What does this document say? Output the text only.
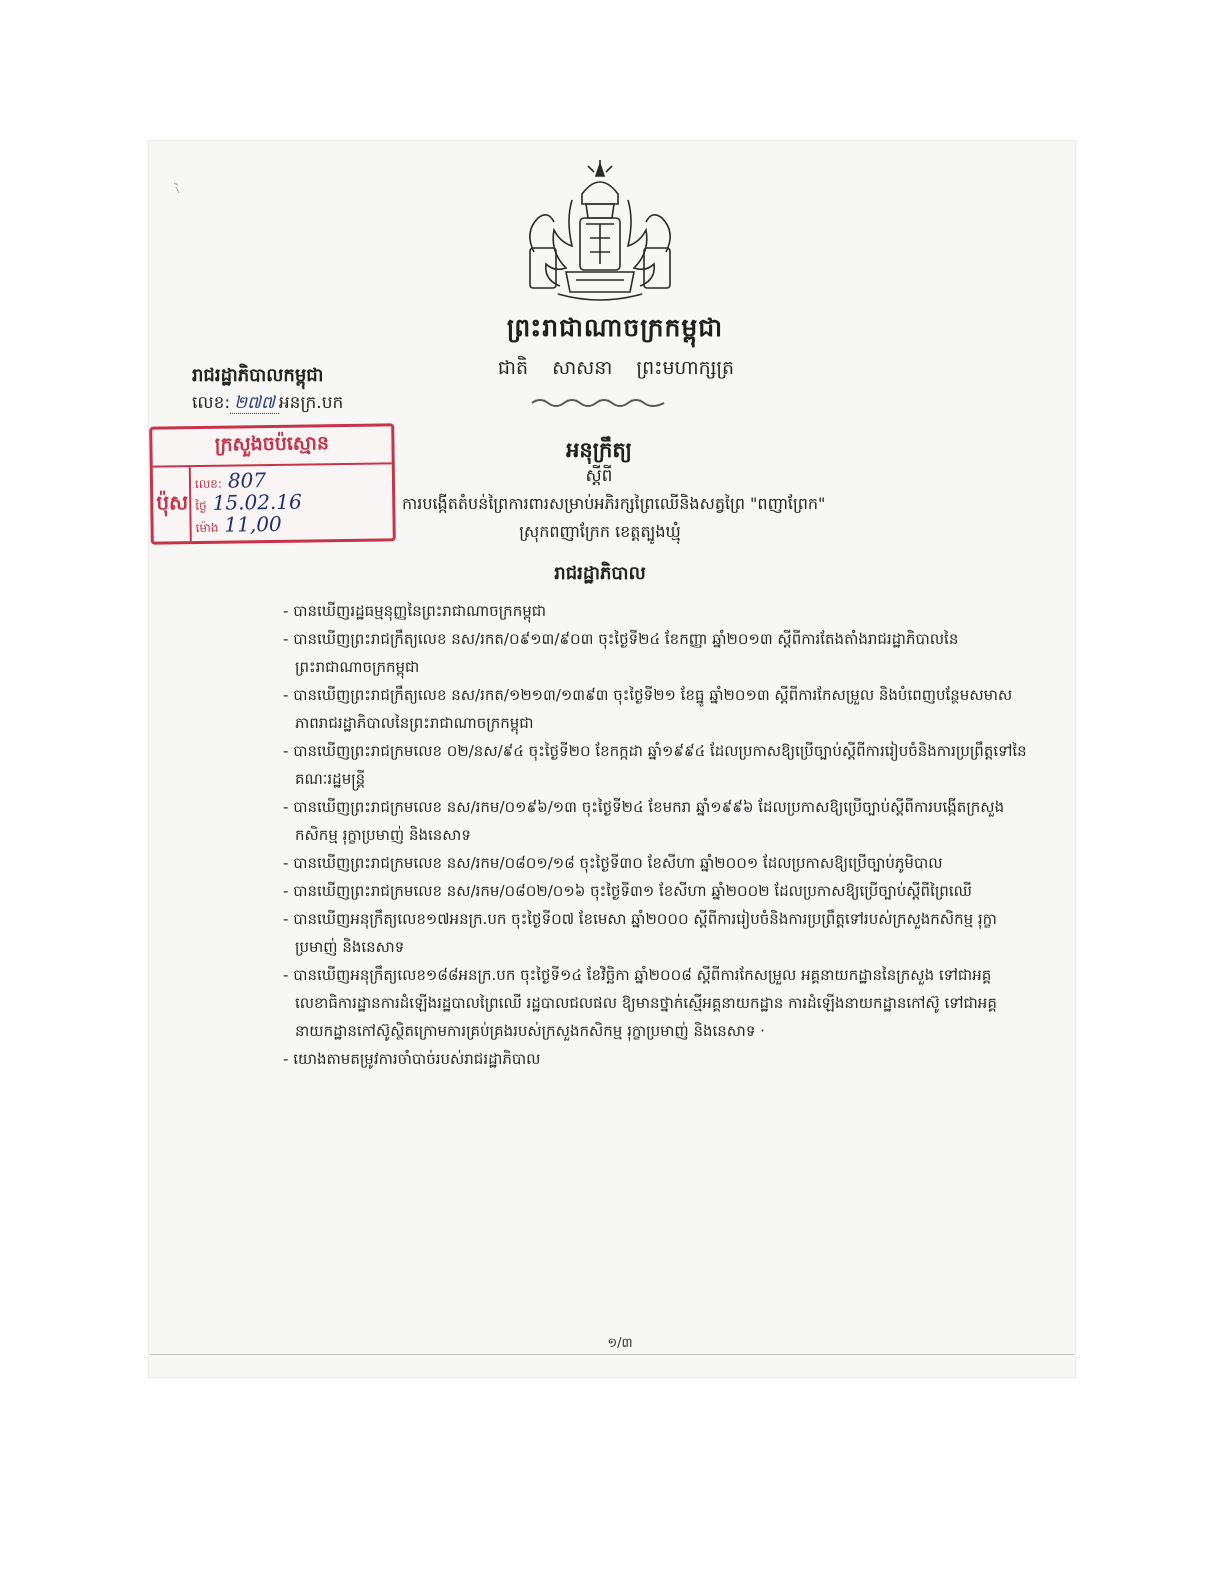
ព្រះរាជាណាចក្រកម្ពុជា
ជាតិ សាសនា ព្រះមហាក្សត្រ
រាជរដ្ឋាភិបាលកម្ពុជា
លេខ: ២៧៧ អនក្រ.បក
ក្រសួងចប៉ស្មោន
ប៉ុស
លេខ: 807
ថ្ងៃ 15.02.16
ម៉ោង 11,00
អនុក្រឹត្យ
ស្តីពី
ការបង្កើតតំបន់ព្រៃការពារសម្រាប់អភិរក្សព្រៃឈើនិងសត្វព្រៃ "ពញាព្រែក"
ស្រុកពញាក្រែក ខេត្តត្បូងឃ្មុំ
រាជរដ្ឋាភិបាល
- បានឃើញរដ្ឋធម្មនុញ្ញនៃព្រះរាជាណាចក្រកម្ពុជា
- បានឃើញព្រះរាជក្រឹត្យលេខ នស/រកត/០៩១៣/៩០៣ ចុះថ្ងៃទី២៤ ខែកញ្ញា ឆ្នាំ២០១៣ ស្តីពីការតែងតាំងរាជរដ្ឋាភិបាលនៃព្រះរាជាណាចក្រកម្ពុជា
- បានឃើញព្រះរាជក្រឹត្យលេខ នស/រកត/១២១៣/១៣៩៣ ចុះថ្ងៃទី២១ ខែធ្នូ ឆ្នាំ២០១៣ ស្តីពីការកែសម្រួល និងបំពេញបន្ថែមសមាសភាពរាជរដ្ឋាភិបាលនៃព្រះរាជាណាចក្រកម្ពុជា
- បានឃើញព្រះរាជក្រមលេខ ០២/នស/៩៤ ចុះថ្ងៃទី២០ ខែកក្កដា ឆ្នាំ១៩៩៤ ដែលប្រកាសឱ្យប្រើច្បាប់ស្តីពីការរៀបចំនិងការប្រព្រឹត្តទៅនៃគណៈរដ្ឋមន្ត្រី
- បានឃើញព្រះរាជក្រមលេខ នស/រកម/០១៩៦/១៣ ចុះថ្ងៃទី២៤ ខែមករា ឆ្នាំ១៩៩៦ ដែលប្រកាសឱ្យប្រើច្បាប់ស្តីពីការបង្កើតក្រសួងកសិកម្ម រុក្ខាប្រមាញ់ និងនេសាទ
- បានឃើញព្រះរាជក្រមលេខ នស/រកម/០៨០១/១៨ ចុះថ្ងៃទី៣០ ខែសីហា ឆ្នាំ២០០១ ដែលប្រកាសឱ្យប្រើច្បាប់ភូមិបាល
- បានឃើញព្រះរាជក្រមលេខ នស/រកម/០៨០២/០១៦ ចុះថ្ងៃទី៣១ ខែសីហា ឆ្នាំ២០០២ ដែលប្រកាសឱ្យប្រើច្បាប់ស្តីពីព្រៃឈើ
- បានឃើញអនុក្រឹត្យលេខ១៧អនក្រ.បក ចុះថ្ងៃទី០៧ ខែមេសា ឆ្នាំ២០០០ ស្តីពីការរៀបចំនិងការប្រព្រឹត្តទៅរបស់ក្រសួងកសិកម្ម រុក្ខាប្រមាញ់ និងនេសាទ
- បានឃើញអនុក្រឹត្យលេខ១៨៨អនក្រ.បក ចុះថ្ងៃទី១៤ ខែវិច្ឆិកា ឆ្នាំ២០០៨ ស្តីពីការកែសម្រួល អគ្គនាយកដ្ឋាននៃក្រសួង ទៅជាអគ្គលេខាធិការដ្ឋានការដំឡើងរដ្ឋបាលព្រៃឈើ រដ្ឋបាលជលផល ឱ្យមានថ្នាក់ស្មើអគ្គនាយកដ្ឋាន ការដំឡើងនាយកដ្ឋានកៅស៊ូ ទៅជាអគ្គនាយកដ្ឋានកៅស៊ូស្ថិតក្រោមការគ្រប់គ្រងរបស់ក្រសួងកសិកម្ម រុក្ខាប្រមាញ់ និងនេសាទ ·
- យោងតាមតម្រូវការចាំបាច់របស់រាជរដ្ឋាភិបាល
១/៣
